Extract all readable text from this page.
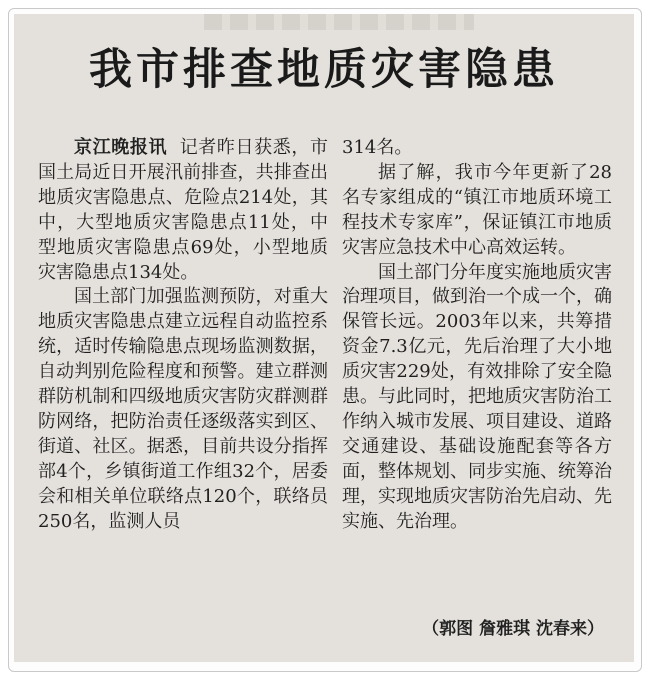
我市排查地质灾害隐患

京江晚报讯 记者昨日获悉，市国土局近日开展汛前排查，共排查出地质灾害隐患点、危险点214处，其中，大型地质灾害隐患点11处，中型地质灾害隐患点69处，小型地质灾害隐患点134处。

国土部门加强监测预防，对重大地质灾害隐患点建立远程自动监控系统，适时传输隐患点现场监测数据，自动判别危险程度和预警。建立群测群防机制和四级地质灾害防灾群测群防网络，把防治责任逐级落实到区、街道、社区。据悉，目前共设分指挥部4个，乡镇街道工作组32个，居委会和相关单位联络点120个，联络员250名，监测人员

314名。

据了解，我市今年更新了28名专家组成的“镇江市地质环境工程技术专家库”，保证镇江市地质灾害应急技术中心高效运转。

国土部门分年度实施地质灾害治理项目，做到治一个成一个，确保管长远。2003年以来，共筹措资金7.3亿元，先后治理了大小地质灾害229处，有效排除了安全隐患。与此同时，把地质灾害防治工作纳入城市发展、项目建设、道路交通建设、基础设施配套等各方面，整体规划、同步实施、统筹治理，实现地质灾害防治先启动、先实施、先治理。

（郭图 詹雅琪 沈春来）
